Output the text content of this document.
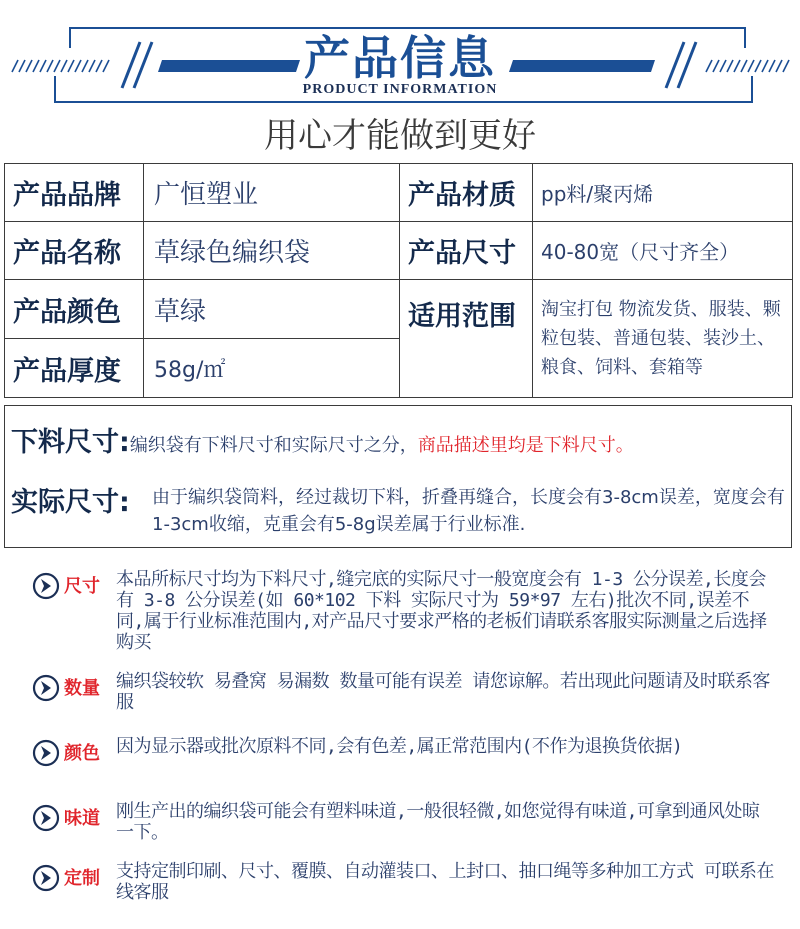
产品信息
PRODUCT INFORMATION
用心才能做到更好
产品品牌	广恒塑业	产品材质	pp料/聚丙烯
产品名称	草绿色编织袋	产品尺寸	40-80宽（尺寸齐全）
产品颜色	草绿	适用范围	淘宝打包 物流发货、服装、颗粒包装、普通包装、装沙土、粮食、饲料、套箱等
产品厚度	58g/㎡		
下料尺寸:编织袋有下料尺寸和实际尺寸之分，商品描述里均是下料尺寸。
实际尺寸: 由于编织袋筒料，经过裁切下料，折叠再缝合，长度会有3-8cm误差，宽度会有1-3cm收缩，克重会有5-8g误差属于行业标准.
尺寸 本品所标尺寸均为下料尺寸,缝完底的实际尺寸一般宽度会有 1-3 公分误差,长度会有 3-8 公分误差(如 60*102 下料 实际尺寸为 59*97 左右)批次不同,误差不同,属于行业标准范围内,对产品尺寸要求严格的老板们请联系客服实际测量之后选择购买
数量 编织袋较软 易叠窝 易漏数 数量可能有误差 请您谅解。若出现此问题请及时联系客服
颜色 因为显示器或批次原料不同,会有色差,属正常范围内(不作为退换货依据)
味道 刚生产出的编织袋可能会有塑料味道,一般很轻微,如您觉得有味道,可拿到通风处晾一下。
定制 支持定制印刷、尺寸、覆膜、自动灌装口、上封口、抽口绳等多种加工方式 可联系在线客服
